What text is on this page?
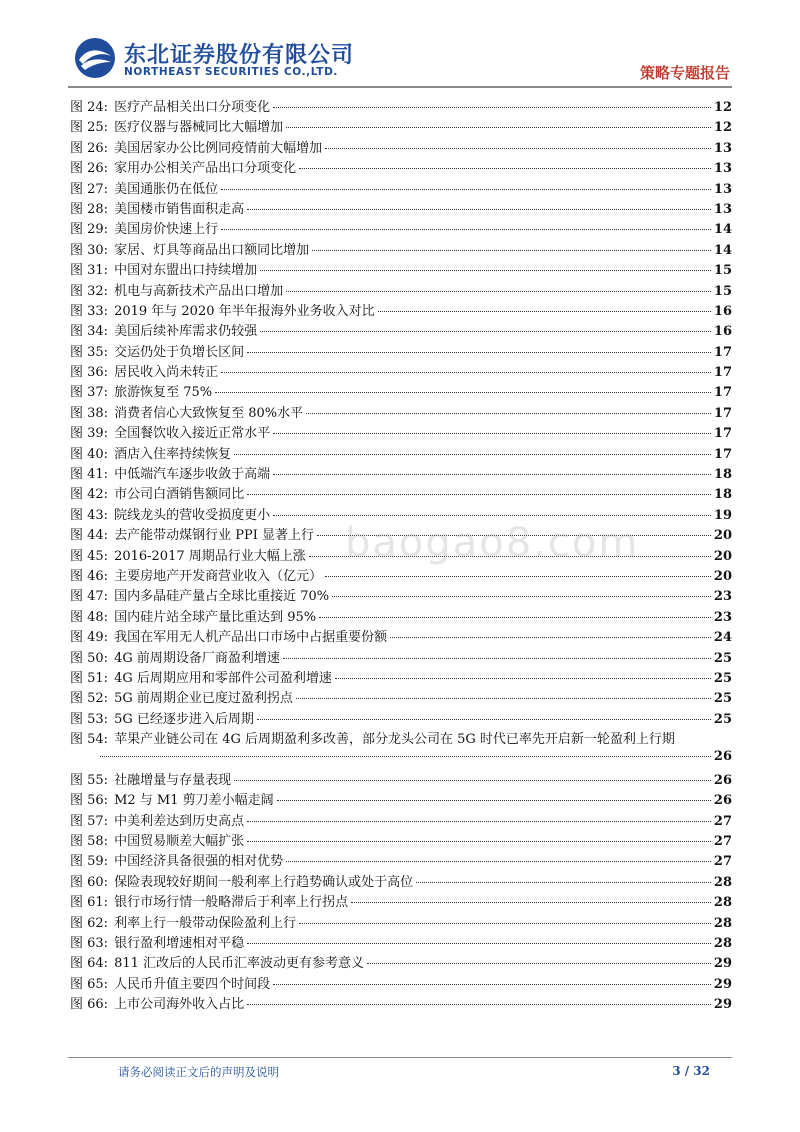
东北证券股份有限公司
NORTHEAST SECURITIES CO.,LTD.	策略专题报告
图 24: 医疗产品相关出口分项变化	12
图 25: 医疗仪器与器械同比大幅增加	12
图 26: 美国居家办公比例同疫情前大幅增加	13
图 26: 家用办公相关产品出口分项变化	13
图 27: 美国通胀仍在低位	13
图 28: 美国楼市销售面积走高	13
图 29: 美国房价快速上行	14
图 30: 家居、灯具等商品出口额同比增加	14
图 31: 中国对东盟出口持续增加	15
图 32: 机电与高新技术产品出口增加	15
图 33: 2019 年与 2020 年半年报海外业务收入对比	16
图 34: 美国后续补库需求仍较强	16
图 35: 交运仍处于负增长区间	17
图 36: 居民收入尚未转正	17
图 37: 旅游恢复至 75%	17
图 38: 消费者信心大致恢复至 80%水平	17
图 39: 全国餐饮收入接近正常水平	17
图 40: 酒店入住率持续恢复	17
图 41: 中低端汽车逐步收敛于高端	18
图 42: 市公司白酒销售额同比	18
图 43: 院线龙头的营收受损度更小	19
图 44: 去产能带动煤钢行业 PPI 显著上行	20
图 45: 2016-2017 周期品行业大幅上涨	20
图 46: 主要房地产开发商营业收入（亿元）	20
图 47: 国内多晶硅产量占全球比重接近 70%	23
图 48: 国内硅片站全球产量比重达到 95%	23
图 49: 我国在军用无人机产品出口市场中占据重要份额	24
图 50: 4G 前周期设备厂商盈利增速	25
图 51: 4G 后周期应用和零部件公司盈利增速	25
图 52: 5G 前周期企业已度过盈利拐点	25
图 53: 5G 已经逐步进入后周期	25
图 54: 苹果产业链公司在 4G 后周期盈利多改善，部分龙头公司在 5G 时代已率先开启新一轮盈利上行期
26
图 55: 社融增量与存量表现	26
图 56: M2 与 M1 剪刀差小幅走阔	26
图 57: 中美利差达到历史高点	27
图 58: 中国贸易顺差大幅扩张	27
图 59: 中国经济具备很强的相对优势	27
图 60: 保险表现较好期间一般利率上行趋势确认或处于高位	28
图 61: 银行市场行情一般略滞后于利率上行拐点	28
图 62: 利率上行一般带动保险盈利上行	28
图 63: 银行盈利增速相对平稳	28
图 64: 811 汇改后的人民币汇率波动更有参考意义	29
图 65: 人民币升值主要四个时间段	29
图 66: 上市公司海外收入占比	29
baogao8.com
请务必阅读正文后的声明及说明	3 / 32
